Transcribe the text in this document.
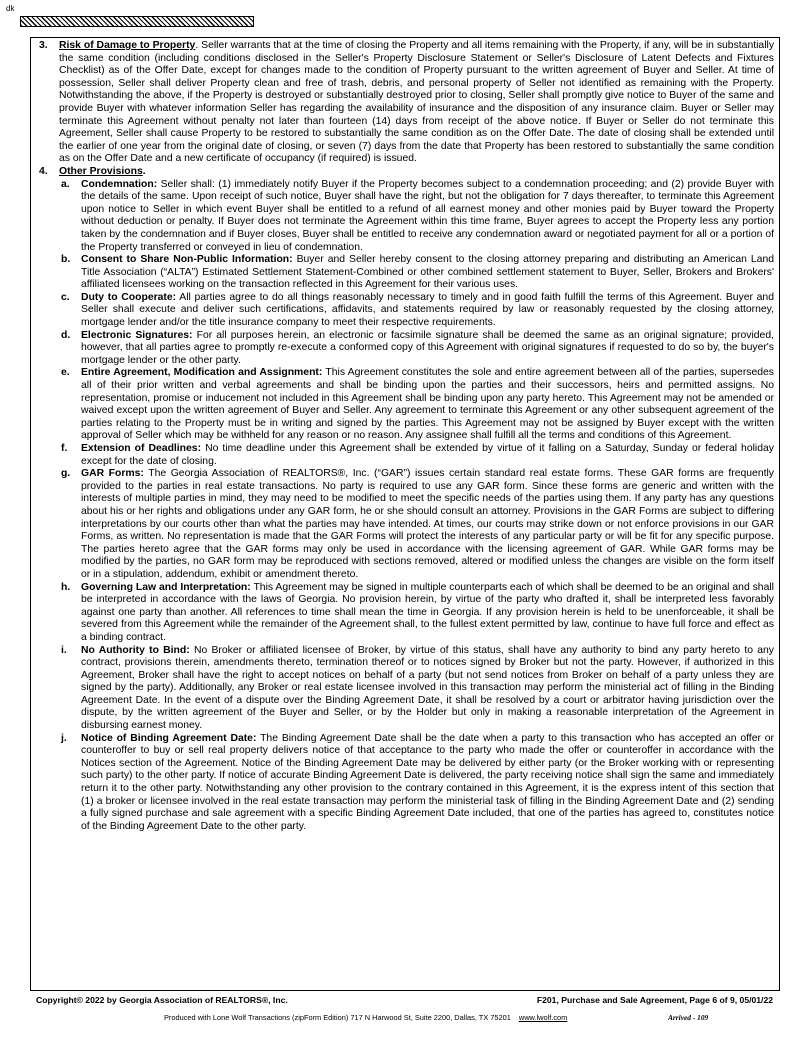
dk

3. Risk of Damage to Property. Seller warrants that at the time of closing the Property and all items remaining with the Property, if any, will be in substantially the same condition (including conditions disclosed in the Seller's Property Disclosure Statement or Seller's Disclosure of Latent Defects and Fixtures Checklist) as of the Offer Date, except for changes made to the condition of Property pursuant to the written agreement of Buyer and Seller. At time of possession, Seller shall deliver Property clean and free of trash, debris, and personal property of Seller not identified as remaining with the Property. Notwithstanding the above, if the Property is destroyed or substantially destroyed prior to closing, Seller shall promptly give notice to Buyer of the same and provide Buyer with whatever information Seller has regarding the availability of insurance and the disposition of any insurance claim. Buyer or Seller may terminate this Agreement without penalty not later than fourteen (14) days from receipt of the above notice. If Buyer or Seller do not terminate this Agreement, Seller shall cause Property to be restored to substantially the same condition as on the Offer Date. The date of closing shall be extended until the earlier of one year from the original date of closing, or seven (7) days from the date that Property has been restored to substantially the same condition as on the Offer Date and a new certificate of occupancy (if required) is issued.

4. Other Provisions.

a. Condemnation: Seller shall: (1) immediately notify Buyer if the Property becomes subject to a condemnation proceeding; and (2) provide Buyer with the details of the same. Upon receipt of such notice, Buyer shall have the right, but not the obligation for 7 days thereafter, to terminate this Agreement upon notice to Seller in which event Buyer shall be entitled to a refund of all earnest money and other monies paid by Buyer toward the Property without deduction or penalty. If Buyer does not terminate the Agreement within this time frame, Buyer agrees to accept the Property less any portion taken by the condemnation and if Buyer closes, Buyer shall be entitled to receive any condemnation award or negotiated payment for all or a portion of the Property transferred or conveyed in lieu of condemnation.

b. Consent to Share Non-Public Information: Buyer and Seller hereby consent to the closing attorney preparing and distributing an American Land Title Association (“ALTA”) Estimated Settlement Statement-Combined or other combined settlement statement to Buyer, Seller, Brokers and Brokers' affiliated licensees working on the transaction reflected in this Agreement for their various uses.

c. Duty to Cooperate: All parties agree to do all things reasonably necessary to timely and in good faith fulfill the terms of this Agreement. Buyer and Seller shall execute and deliver such certifications, affidavits, and statements required by law or reasonably requested by the closing attorney, mortgage lender and/or the title insurance company to meet their respective requirements.

d. Electronic Signatures: For all purposes herein, an electronic or facsimile signature shall be deemed the same as an original signature; provided, however, that all parties agree to promptly re-execute a conformed copy of this Agreement with original signatures if requested to do so by, the buyer's mortgage lender or the other party.

e. Entire Agreement, Modification and Assignment: This Agreement constitutes the sole and entire agreement between all of the parties, supersedes all of their prior written and verbal agreements and shall be binding upon the parties and their successors, heirs and permitted assigns. No representation, promise or inducement not included in this Agreement shall be binding upon any party hereto. This Agreement may not be amended or waived except upon the written agreement of Buyer and Seller. Any agreement to terminate this Agreement or any other subsequent agreement of the parties relating to the Property must be in writing and signed by the parties. This Agreement may not be assigned by Buyer except with the written approval of Seller which may be withheld for any reason or no reason. Any assignee shall fulfill all the terms and conditions of this Agreement.

f. Extension of Deadlines: No time deadline under this Agreement shall be extended by virtue of it falling on a Saturday, Sunday or federal holiday except for the date of closing.

g. GAR Forms: The Georgia Association of REALTORS®, Inc. (“GAR”) issues certain standard real estate forms. These GAR forms are frequently provided to the parties in real estate transactions. No party is required to use any GAR form. Since these forms are generic and written with the interests of multiple parties in mind, they may need to be modified to meet the specific needs of the parties using them. If any party has any questions about his or her rights and obligations under any GAR form, he or she should consult an attorney. Provisions in the GAR Forms are subject to differing interpretations by our courts other than what the parties may have intended. At times, our courts may strike down or not enforce provisions in our GAR Forms, as written. No representation is made that the GAR Forms will protect the interests of any particular party or will be fit for any specific purpose. The parties hereto agree that the GAR forms may only be used in accordance with the licensing agreement of GAR. While GAR forms may be modified by the parties, no GAR form may be reproduced with sections removed, altered or modified unless the changes are visible on the form itself or in a stipulation, addendum, exhibit or amendment thereto.

h. Governing Law and Interpretation: This Agreement may be signed in multiple counterparts each of which shall be deemed to be an original and shall be interpreted in accordance with the laws of Georgia. No provision herein, by virtue of the party who drafted it, shall be interpreted less favorably against one party than another. All references to time shall mean the time in Georgia. If any provision herein is held to be unenforceable, it shall be severed from this Agreement while the remainder of the Agreement shall, to the fullest extent permitted by law, continue to have full force and effect as a binding contract.

i. No Authority to Bind: No Broker or affiliated licensee of Broker, by virtue of this status, shall have any authority to bind any party hereto to any contract, provisions therein, amendments thereto, termination thereof or to notices signed by Broker but not the party. However, if authorized in this Agreement, Broker shall have the right to accept notices on behalf of a party (but not send notices from Broker on behalf of a party unless they are signed by the party). Additionally, any Broker or real estate licensee involved in this transaction may perform the ministerial act of filling in the Binding Agreement Date. In the event of a dispute over the Binding Agreement Date, it shall be resolved by a court or arbitrator having jurisdiction over the dispute, by the written agreement of the Buyer and Seller, or by the Holder but only in making a reasonable interpretation of the Agreement in disbursing earnest money.

j. Notice of Binding Agreement Date: The Binding Agreement Date shall be the date when a party to this transaction who has accepted an offer or counteroffer to buy or sell real property delivers notice of that acceptance to the party who made the offer or counteroffer in accordance with the Notices section of the Agreement. Notice of the Binding Agreement Date may be delivered by either party (or the Broker working with or representing such party) to the other party. If notice of accurate Binding Agreement Date is delivered, the party receiving notice shall sign the same and immediately return it to the other party. Notwithstanding any other provision to the contrary contained in this Agreement, it is the express intent of this section that (1) a broker or licensee involved in the real estate transaction may perform the ministerial task of filling in the Binding Agreement Date and (2) sending a fully signed purchase and sale agreement with a specific Binding Agreement Date included, that one of the parties has agreed to, constitutes notice of the Binding Agreement Date to the other party.

Copyright© 2022 by Georgia Association of REALTORS®, Inc.	F201, Purchase and Sale Agreement, Page 6 of 9, 05/01/22
Produced with Lone Wolf Transactions (zipForm Edition) 717 N Harwood St, Suite 2200, Dallas, TX 75201 www.lwolf.com	Arrived - 109
